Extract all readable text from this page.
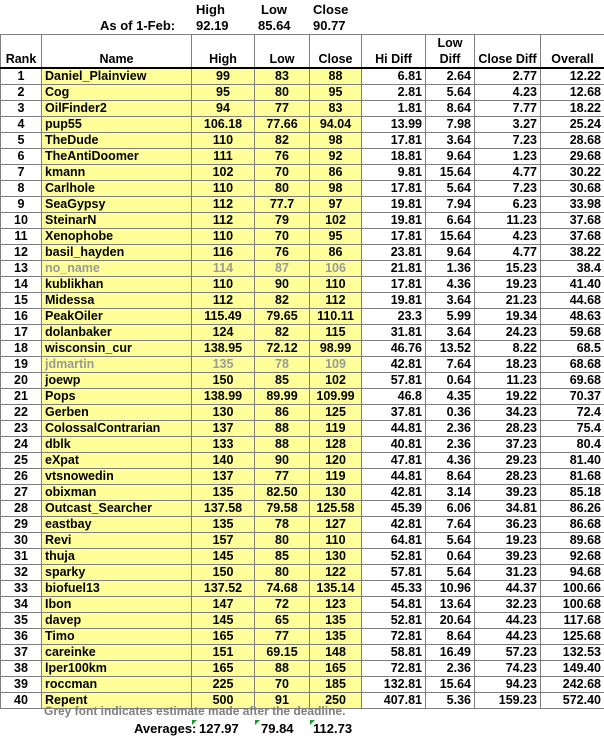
High	Low Close
As of 1-Feb: 92.19 85.64 90.77
Rank	Name	High	Low	Close	Hi Diff	Low Diff	Close Diff	Overall
1	Daniel_Plainview	99	83	88	6.81	2.64	2.77	12.22
2	Cog	95	80	95	2.81	5.64	4.23	12.68
3	OilFinder2	94	77	83	1.81	8.64	7.77	18.22
4	pup55	106.18	77.66	94.04	13.99	7.98	3.27	25.24
5	TheDude	110	82	98	17.81	3.64	7.23	28.68
6	TheAntiDoomer	111	76	92	18.81	9.64	1.23	29.68
7	kmann	102	70	86	9.81	15.64	4.77	30.22
8	Carlhole	110	80	98	17.81	5.64	7.23	30.68
9	SeaGypsy	112	77.7	97	19.81	7.94	6.23	33.98
10	SteinarN	112	79	102	19.81	6.64	11.23	37.68
11	Xenophobe	110	70	95	17.81	15.64	4.23	37.68
12	basil_hayden	116	76	86	23.81	9.64	4.77	38.22
13	no_name	114	87	106	21.81	1.36	15.23	38.4
14	kublikhan	110	90	110	17.81	4.36	19.23	41.40
15	Midessa	112	82	112	19.81	3.64	21.23	44.68
16	PeakOiler	115.49	79.65	110.11	23.3	5.99	19.34	48.63
17	dolanbaker	124	82	115	31.81	3.64	24.23	59.68
18	wisconsin_cur	138.95	72.12	98.99	46.76	13.52	8.22	68.5
19	jdmartin	135	78	109	42.81	7.64	18.23	68.68
20	joewp	150	85	102	57.81	0.64	11.23	69.68
21	Pops	138.99	89.99	109.99	46.8	4.35	19.22	70.37
22	Gerben	130	86	125	37.81	0.36	34.23	72.4
23	ColossalContrarian	137	88	119	44.81	2.36	28.23	75.4
24	dblk	133	88	128	40.81	2.36	37.23	80.4
25	eXpat	140	90	120	47.81	4.36	29.23	81.40
26	vtsnowedin	137	77	119	44.81	8.64	28.23	81.68
27	obixman	135	82.50	130	42.81	3.14	39.23	85.18
28	Outcast_Searcher	137.58	79.58	125.58	45.39	6.06	34.81	86.26
29	eastbay	135	78	127	42.81	7.64	36.23	86.68
30	Revi	157	80	110	64.81	5.64	19.23	89.68
31	thuja	145	85	130	52.81	0.64	39.23	92.68
32	sparky	150	80	122	57.81	5.64	31.23	94.68
33	biofuel13	137.52	74.68	135.14	45.33	10.96	44.37	100.66
34	Ibon	147	72	123	54.81	13.64	32.23	100.68
35	davep	145	65	135	52.81	20.64	44.23	117.68
36	Timo	165	77	135	72.81	8.64	44.23	125.68
37	careinke	151	69.15	148	58.81	16.49	57.23	132.53
38	lper100km	165	88	165	72.81	2.36	74.23	149.40
39	roccman	225	70	185	132.81	15.64	94.23	242.68
40	Repent	500	91	250	407.81	5.36	159.23	572.40
Grey font indicates estimate made after the deadline.
Averages: 127.97 79.84 112.73
